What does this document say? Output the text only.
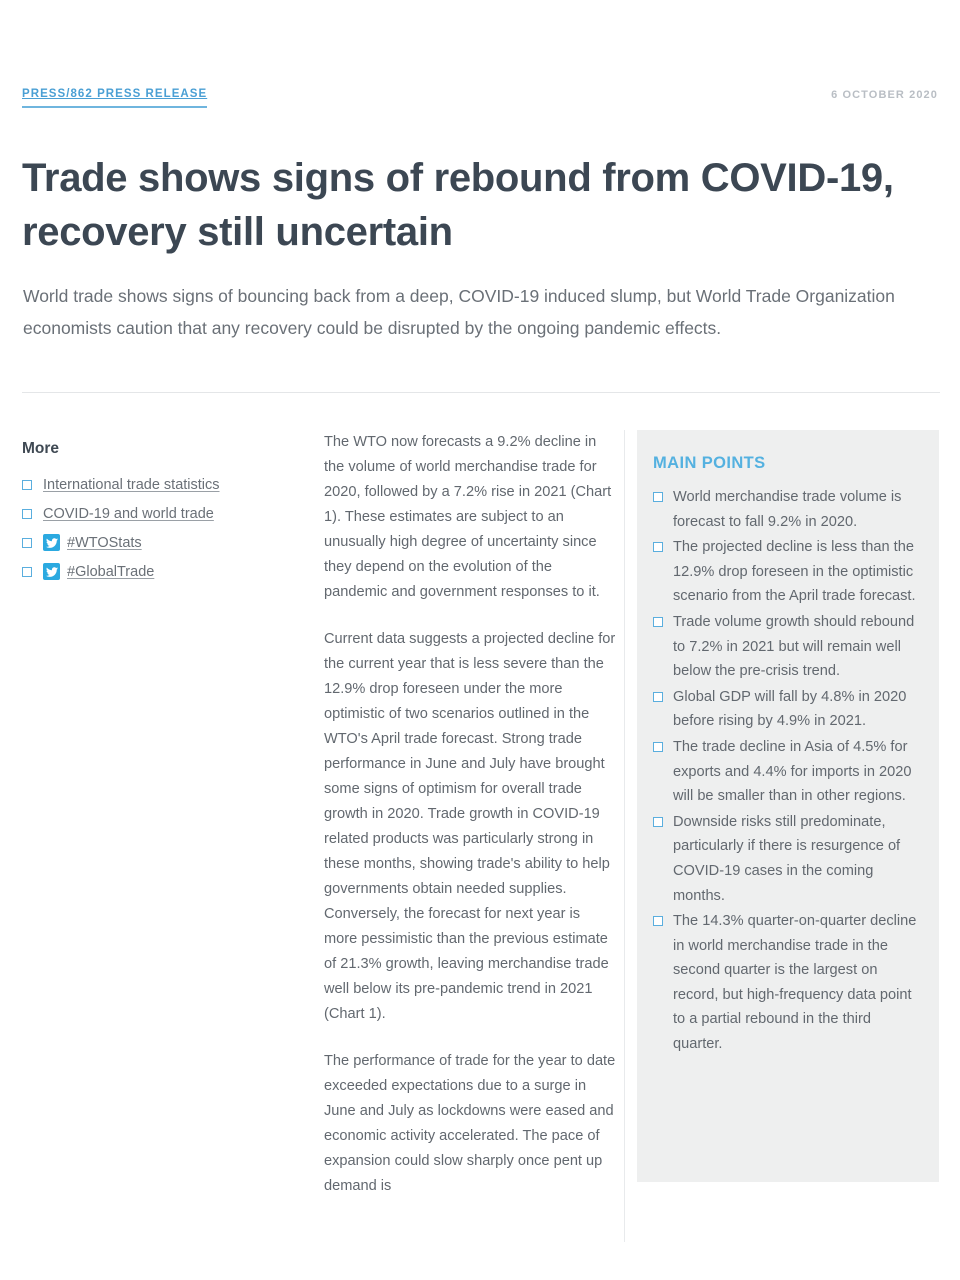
PRESS/862 PRESS RELEASE	6 OCTOBER 2020
Trade shows signs of rebound from COVID-19, recovery still uncertain

World trade shows signs of bouncing back from a deep, COVID-19 induced slump, but World Trade Organization economists caution that any recovery could be disrupted by the ongoing pandemic effects.

More
International trade statistics
COVID-19 and world trade
#WTOStats
#GlobalTrade

The WTO now forecasts a 9.2% decline in the volume of world merchandise trade for 2020, followed by a 7.2% rise in 2021 (Chart 1). These estimates are subject to an unusually high degree of uncertainty since they depend on the evolution of the pandemic and government responses to it.

Current data suggests a projected decline for the current year that is less severe than the 12.9% drop foreseen under the more optimistic of two scenarios outlined in the WTO's April trade forecast. Strong trade performance in June and July have brought some signs of optimism for overall trade growth in 2020. Trade growth in COVID-19 related products was particularly strong in these months, showing trade's ability to help governments obtain needed supplies. Conversely, the forecast for next year is more pessimistic than the previous estimate of 21.3% growth, leaving merchandise trade well below its pre-pandemic trend in 2021 (Chart 1).

The performance of trade for the year to date exceeded expectations due to a surge in June and July as lockdowns were eased and economic activity accelerated. The pace of expansion could slow sharply once pent up demand is

MAIN POINTS
World merchandise trade volume is forecast to fall 9.2% in 2020.
The projected decline is less than the 12.9% drop foreseen in the optimistic scenario from the April trade forecast.
Trade volume growth should rebound to 7.2% in 2021 but will remain well below the pre-crisis trend.
Global GDP will fall by 4.8% in 2020 before rising by 4.9% in 2021.
The trade decline in Asia of 4.5% for exports and 4.4% for imports in 2020 will be smaller than in other regions.
Downside risks still predominate, particularly if there is resurgence of COVID-19 cases in the coming months.
The 14.3% quarter-on-quarter decline in world merchandise trade in the second quarter is the largest on record, but high-frequency data point to a partial rebound in the third quarter.
